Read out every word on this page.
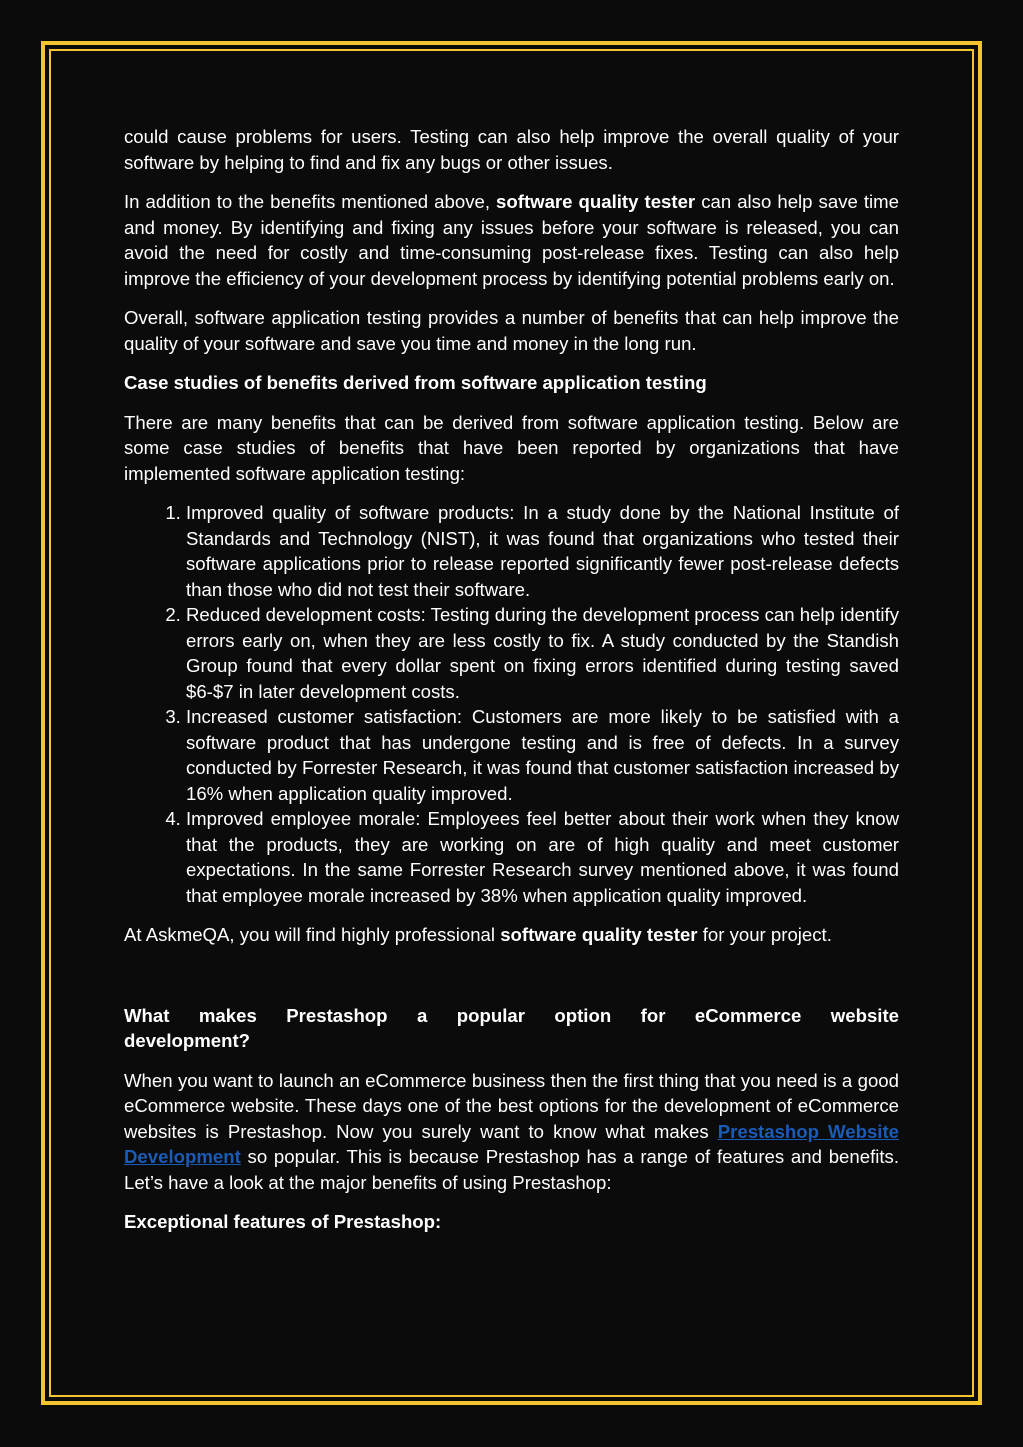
could cause problems for users. Testing can also help improve the overall quality of your software by helping to find and fix any bugs or other issues.

In addition to the benefits mentioned above, software quality tester can also help save time and money. By identifying and fixing any issues before your software is released, you can avoid the need for costly and time-consuming post-release fixes. Testing can also help improve the efficiency of your development process by identifying potential problems early on.

Overall, software application testing provides a number of benefits that can help improve the quality of your software and save you time and money in the long run.

Case studies of benefits derived from software application testing

There are many benefits that can be derived from software application testing. Below are some case studies of benefits that have been reported by organizations that have implemented software application testing:

1. Improved quality of software products: In a study done by the National Institute of Standards and Technology (NIST), it was found that organizations who tested their software applications prior to release reported significantly fewer post-release defects than those who did not test their software.
2. Reduced development costs: Testing during the development process can help identify errors early on, when they are less costly to fix. A study conducted by the Standish Group found that every dollar spent on fixing errors identified during testing saved $6-$7 in later development costs.
3. Increased customer satisfaction: Customers are more likely to be satisfied with a software product that has undergone testing and is free of defects. In a survey conducted by Forrester Research, it was found that customer satisfaction increased by 16% when application quality improved.
4. Improved employee morale: Employees feel better about their work when they know that the products, they are working on are of high quality and meet customer expectations. In the same Forrester Research survey mentioned above, it was found that employee morale increased by 38% when application quality improved.

At AskmeQA, you will find highly professional software quality tester for your project.

What makes Prestashop a popular option for eCommerce website
development?

When you want to launch an eCommerce business then the first thing that you need is a good eCommerce website. These days one of the best options for the development of eCommerce websites is Prestashop. Now you surely want to know what makes Prestashop Website Development so popular. This is because Prestashop has a range of features and benefits. Let’s have a look at the major benefits of using Prestashop:

Exceptional features of Prestashop:
